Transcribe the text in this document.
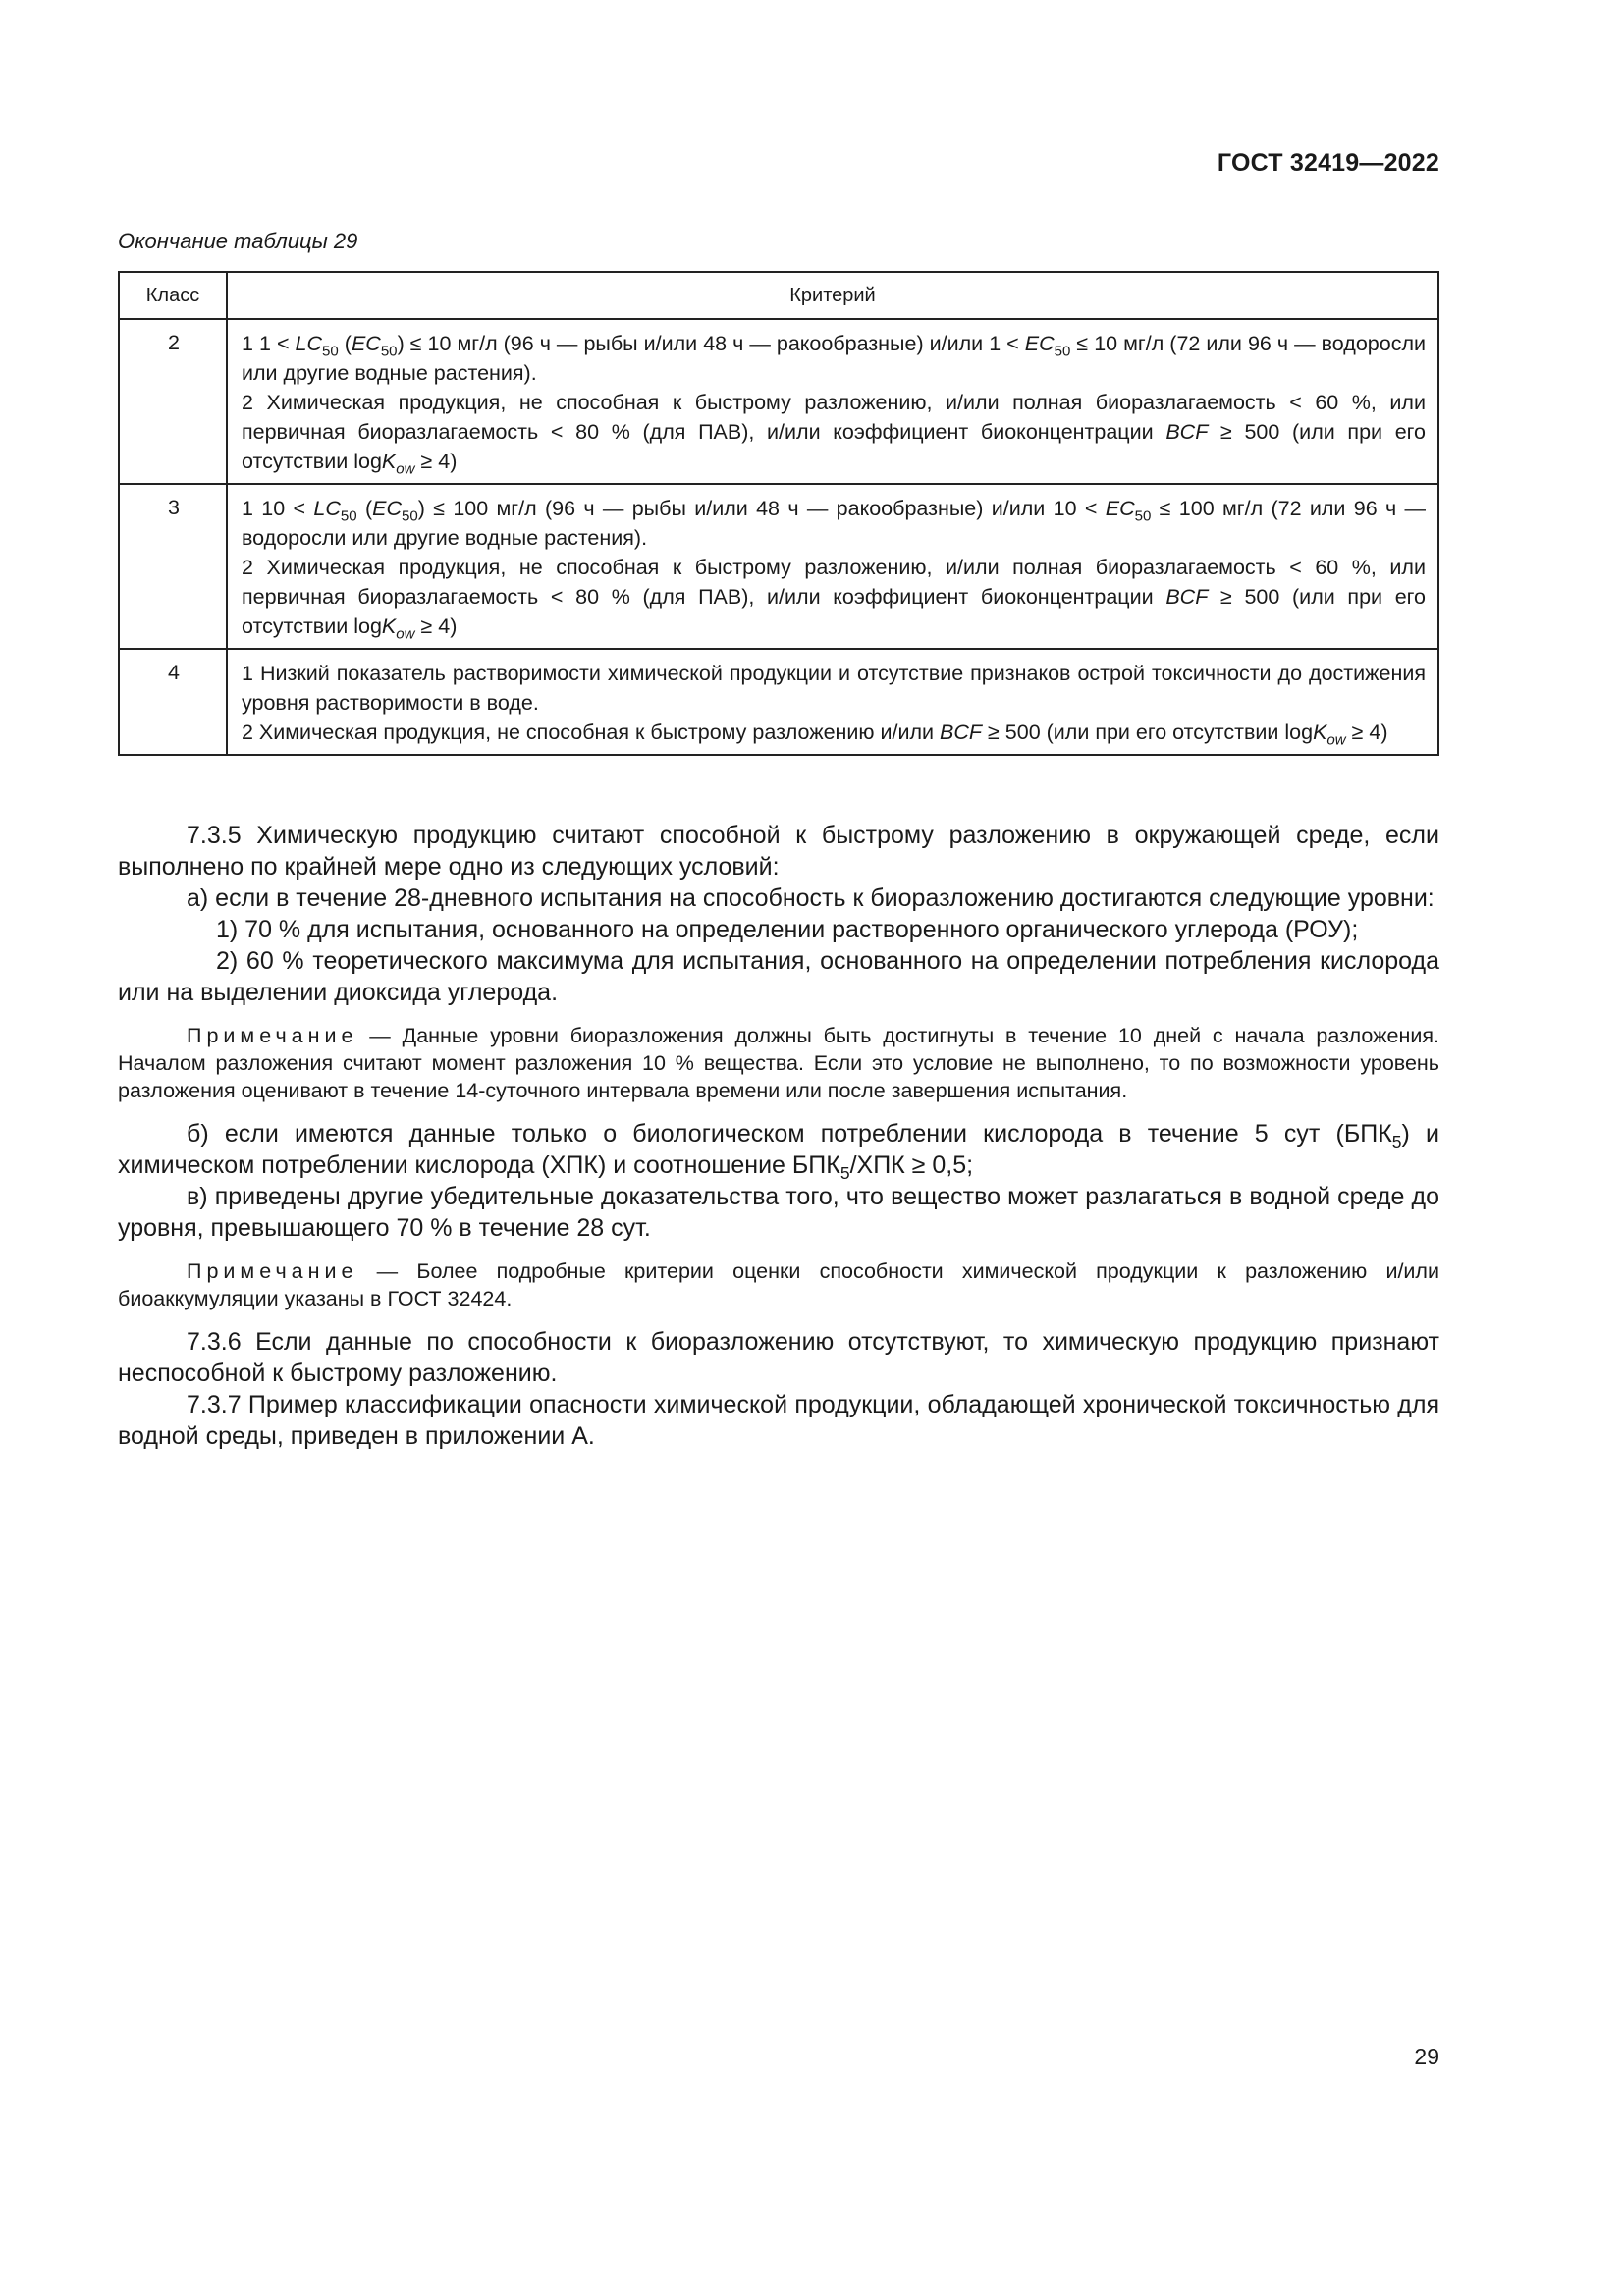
ГОСТ 32419—2022
Окончание таблицы 29
Класс	Критерий
2	1 $1 < LC_{50}$ $(EC_{50}) \le 10$ мг/л (96 ч — рыбы и/или 48 ч — ракообразные) и/или $1 < EC_{50} \le 10$ мг/л (72 или 96 ч — водоросли или другие водные растения).

2 Химическая продукция, не способная к быстрому разложению, и/или полная биоразлагаемость < 60 %, или первичная биоразлагаемость < 80 % (для ПАВ), и/или коэффициент биоконцентрации BCF ≥ 500 (или при его отсутствии logK$_{ow}$ ≥ 4)

3	1 $10 < LC_{50}$ $(EC_{50}) \le 100$ мг/л (96 ч — рыбы и/или 48 ч — ракообразные) и/или $10 < EC_{50} \le 100$ мг/л (72 или 96 ч — водоросли или другие водные растения).

2 Химическая продукция, не способная к быстрому разложению, и/или полная биоразлагаемость < 60 %, или первичная биоразлагаемость < 80 % (для ПАВ), и/или коэффициент биоконцентрации BCF ≥ 500 (или при его отсутствии logK$_{ow}$ ≥ 4)

4	1 Низкий показатель растворимости химической продукции и отсутствие признаков острой токсичности до достижения уровня растворимости в воде.

2 Химическая продукция, не способная к быстрому разложению и/или BCF ≥ 500 (или при его отсутствии logK$_{ow}$ ≥ 4)

7.3.5 Химическую продукцию считают способной к быстрому разложению в окружающей среде, если выполнено по крайней мере одно из следующих условий:

а) если в течение 28-дневного испытания на способность к биоразложению достигаются следующие уровни:

1) 70 % для испытания, основанного на определении растворенного органического углерода (РОУ);

2) 60 % теоретического максимума для испытания, основанного на определении потребления кислорода или на выделении диоксида углерода.

Примечание — Данные уровни биоразложения должны быть достигнуты в течение 10 дней с начала разложения. Началом разложения считают момент разложения 10 % вещества. Если это условие не выполнено, то по возможности уровень разложения оценивают в течение 14-суточного интервала времени или после завершения испытания.

б) если имеются данные только о биологическом потреблении кислорода в течение 5 сут $(БПК_5)$ и химическом потреблении кислорода (ХПК) и соотношение $БПК_5$/ХПК ≥ 0,5;

в) приведены другие убедительные доказательства того, что вещество может разлагаться в водной среде до уровня, превышающего 70 % в течение 28 сут.

Примечание — Более подробные критерии оценки способности химической продукции к разложению и/или биоаккумуляции указаны в ГОСТ 32424.

7.3.6 Если данные по способности к биоразложению отсутствуют, то химическую продукцию признают неспособной к быстрому разложению.

7.3.7 Пример классификации опасности химической продукции, обладающей хронической токсичностью для водной среды, приведен в приложении А.

29
